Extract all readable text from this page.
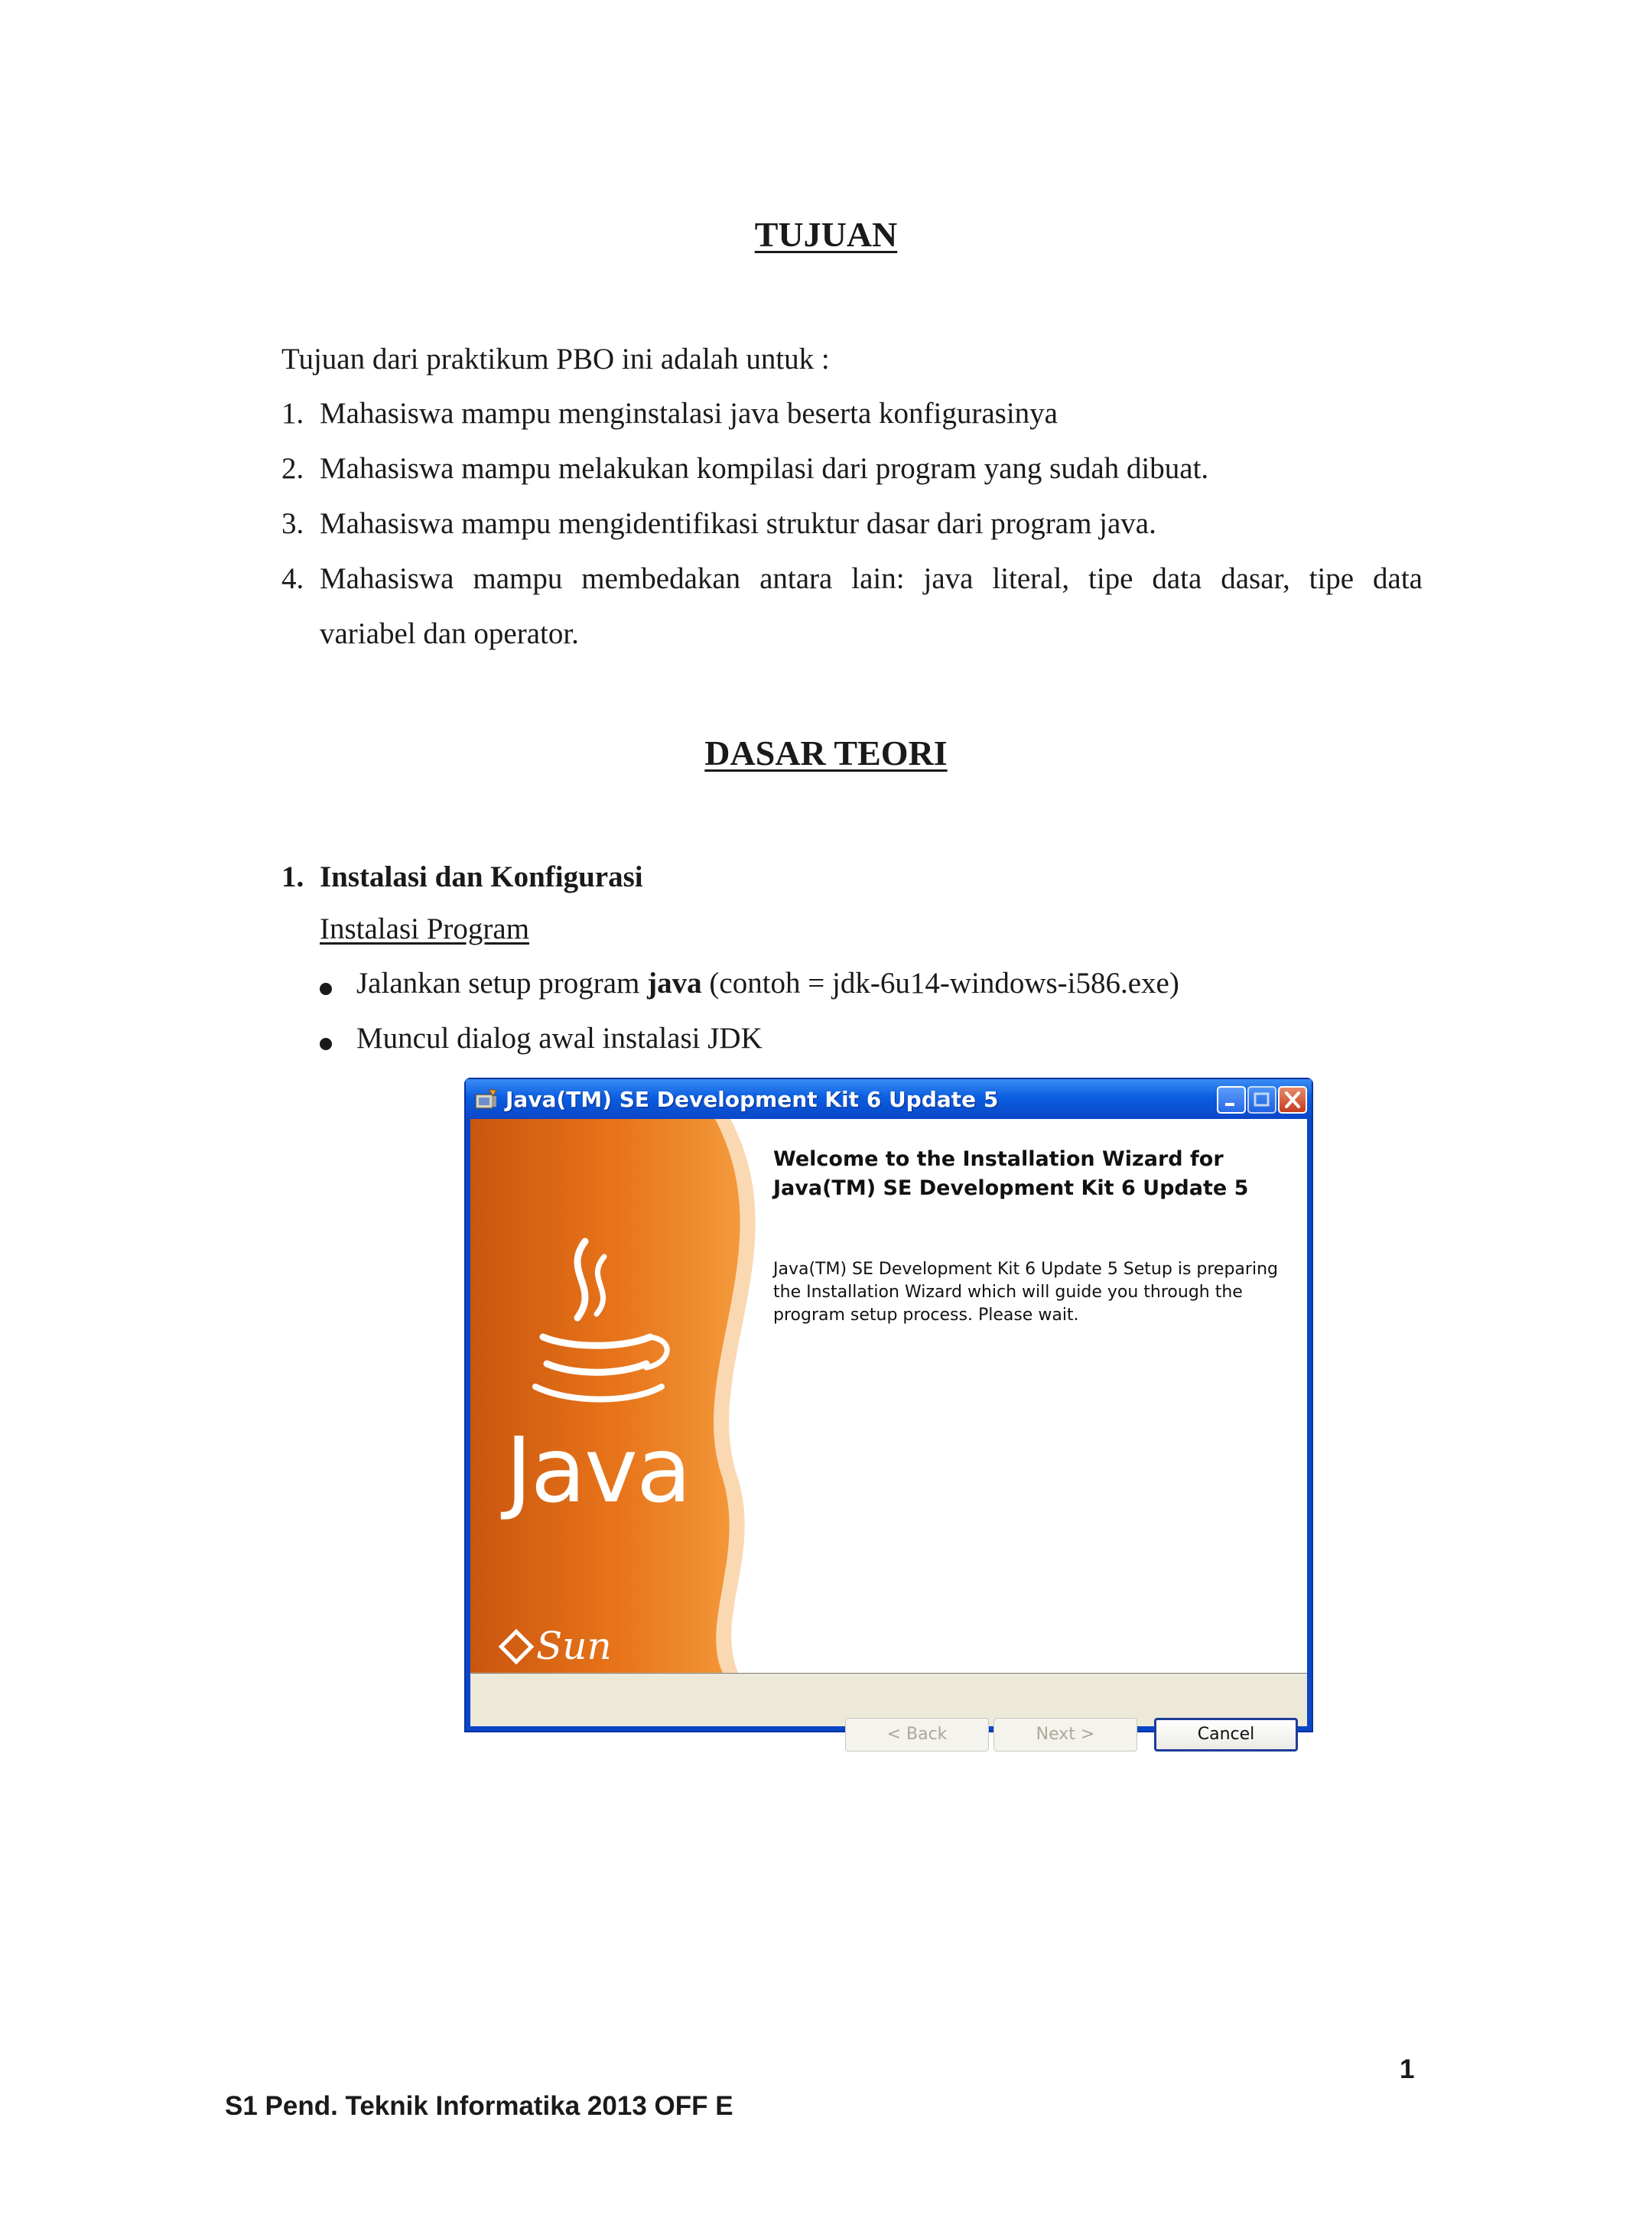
TUJUAN
Tujuan dari praktikum PBO ini adalah untuk :
1. Mahasiswa mampu menginstalasi java beserta konfigurasinya
2. Mahasiswa mampu melakukan kompilasi dari program yang sudah dibuat.
3. Mahasiswa mampu mengidentifikasi struktur dasar dari program java.
4. Mahasiswa mampu membedakan antara lain: java literal, tipe data dasar, tipe data
variabel dan operator.
DASAR TEORI
1. Instalasi dan Konfigurasi
Instalasi Program
Jalankan setup program java (contoh = jdk-6u14-windows-i586.exe)
Muncul dialog awal instalasi JDK
Java(TM) SE Development Kit 6 Update 5
Java
Sun
Welcome to the Installation Wizard for
Java(TM) SE Development Kit 6 Update 5
Java(TM) SE Development Kit 6 Update 5 Setup is preparing
the Installation Wizard which will guide you through the
program setup process. Please wait.
< Back	Next >	Cancel
1
S1 Pend. Teknik Informatika 2013 OFF E
